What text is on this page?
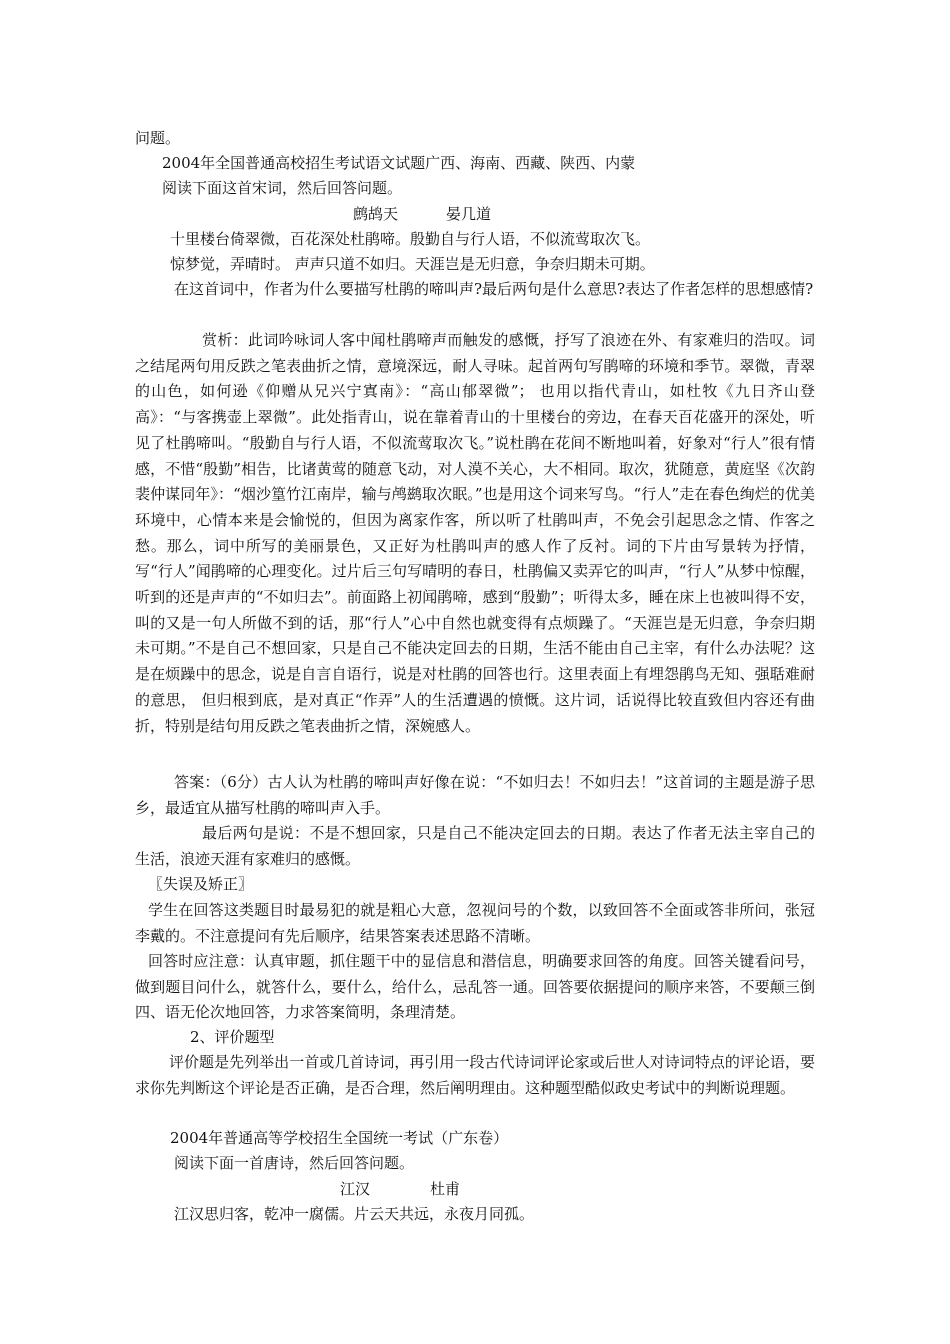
问题。
2004年全国普通高校招生考试语文试题广西、海南、西藏、陕西、内蒙
阅读下面这首宋词，然后回答问题。
鹧鸪天	晏几道
十里楼台倚翠微，百花深处杜鹃啼。殷勤自与行人语，不似流莺取次飞。
惊梦觉，弄晴时。 声声只道不如归。天涯岂是无归意，争奈归期未可期。
在这首词中，作者为什么要描写杜鹃的啼叫声?最后两句是什么意思?表达了作者怎样的思想感情?
赏析：此词吟咏词人客中闻杜鹃啼声而触发的感慨，抒写了浪迹在外、有家难归的浩叹。词之结尾两句用反跌之笔表曲折之情，意境深远，耐人寻味。起首两句写鹃啼的环境和季节。翠微，青翠的山色，如何逊《仰赠从兄兴宁寘南》：“高山郁翠微”； 也用以指代青山，如杜牧《九日齐山登高》：“与客携壶上翠微”。此处指青山，说在靠着青山的十里楼台的旁边，在春天百花盛开的深处，听见了杜鹃啼叫。“殷勤自与行人语，不似流莺取次飞。”说杜鹃在花间不断地叫着，好象对“行人”很有情感，不惜“殷勤”相告，比诸黄莺的随意飞动，对人漠不关心，大不相同。取次，犹随意，黄庭坚《次韵裴仲谋同年》：“烟沙篁竹江南岸，输与鸬鹚取次眠。”也是用这个词来写鸟。“行人”走在春色绚烂的优美环境中，心情本来是会愉悦的，但因为离家作客，所以听了杜鹃叫声，不免会引起思念之情、作客之愁。那么，词中所写的美丽景色，又正好为杜鹃叫声的感人作了反衬。词的下片由写景转为抒情，写“行人”闻鹃啼的心理变化。过片后三句写晴明的春日，杜鹃偏又卖弄它的叫声，“行人”从梦中惊醒，听到的还是声声的“不如归去”。前面路上初闻鹃啼，感到“殷勤”；听得太多，睡在床上也被叫得不安，叫的又是一句人所做不到的话，那“行人”心中自然也就变得有点烦躁了。“天涯岂是无归意，争奈归期未可期。”不是自己不想回家，只是自己不能决定回去的日期，生活不能由自己主宰，有什么办法呢？这是在烦躁中的思念，说是自言自语行，说是对杜鹃的回答也行。这里表面上有埋怨鹃鸟无知、强聒难耐的意思， 但归根到底，是对真正“作弄”人的生活遭遇的愤慨。这片词，话说得比较直致但内容还有曲折，特别是结句用反跌之笔表曲折之情，深婉感人。
答案：（6分）古人认为杜鹃的啼叫声好像在说：“不如归去！不如归去！”这首词的主题是游子思乡，最适宜从描写杜鹃的啼叫声入手。
最后两句是说：不是不想回家，只是自己不能决定回去的日期。表达了作者无法主宰自己的生活，浪迹天涯有家难归的感慨。
〖失误及矫正〗
学生在回答这类题目时最易犯的就是粗心大意，忽视问号的个数，以致回答不全面或答非所问，张冠李戴的。不注意提问有先后顺序，结果答案表述思路不清晰。
回答时应注意：认真审题，抓住题干中的显信息和潜信息，明确要求回答的角度。回答关键看问号，做到题目问什么，就答什么，要什么，给什么，忌乱答一通。回答要依据提问的顺序来答，不要颠三倒四、语无伦次地回答，力求答案简明，条理清楚。
2、评价题型
评价题是先列举出一首或几首诗词，再引用一段古代诗词评论家或后世人对诗词特点的评论语，要求你先判断这个评论是否正确，是否合理，然后阐明理由。这种题型酷似政史考试中的判断说理题。
2004年普通高等学校招生全国统一考试（广东卷）
阅读下面一首唐诗，然后回答问题。
江汉	杜甫
江汉思归客，乾冲一腐儒。片云天共远，永夜月同孤。
